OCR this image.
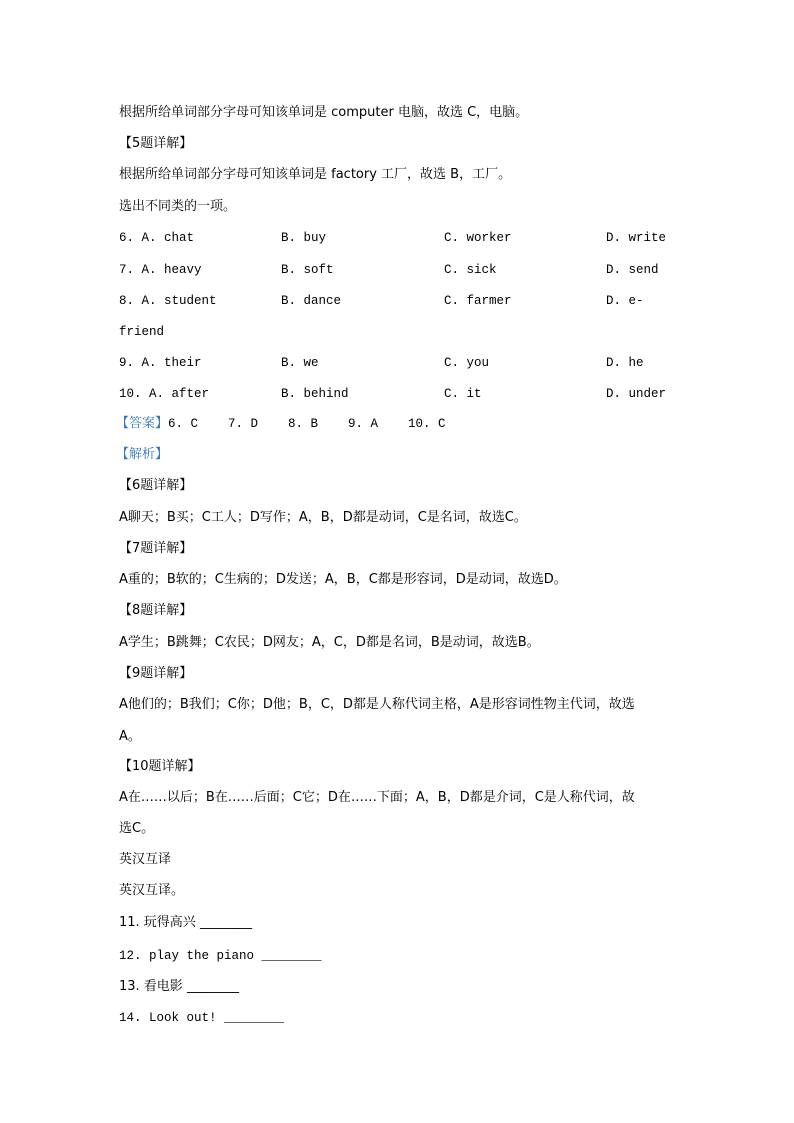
根据所给单词部分字母可知该单词是 computer 电脑，故选 C，电脑。
【5题详解】
根据所给单词部分字母可知该单词是 factory 工厂，故选 B，工厂。
选出不同类的一项。
6. A. chat	B. buy	C. worker	D. write
7. A. heavy	B. soft	C. sick	D. send
8. A. student	B. dance	C. farmer	D. e-
friend
9. A. their	B. we	C. you	D. he
10. A. after	B. behind	C. it	D. under
【答案】6. C    7. D    8. B    9. A    10. C
【解析】
【6题详解】
A聊天；B买；C工人；D写作；A，B，D都是动词，C是名词，故选C。
【7题详解】
A重的；B软的；C生病的；D发送；A，B，C都是形容词，D是动词，故选D。
【8题详解】
A学生；B跳舞；C农民；D网友；A，C，D都是名词，B是动词，故选B。
【9题详解】
A他们的；B我们；C你；D他；B，C，D都是人称代词主格，A是形容词性物主代词，故选
A。
【10题详解】
A在……以后；B在……后面；C它；D在……下面；A，B，D都是介词，C是人称代词，故
选C。
英汉互译
英汉互译。
11. 玩得高兴 ________
12. play the piano ________
13. 看电影 ________
14. Look out! ________
